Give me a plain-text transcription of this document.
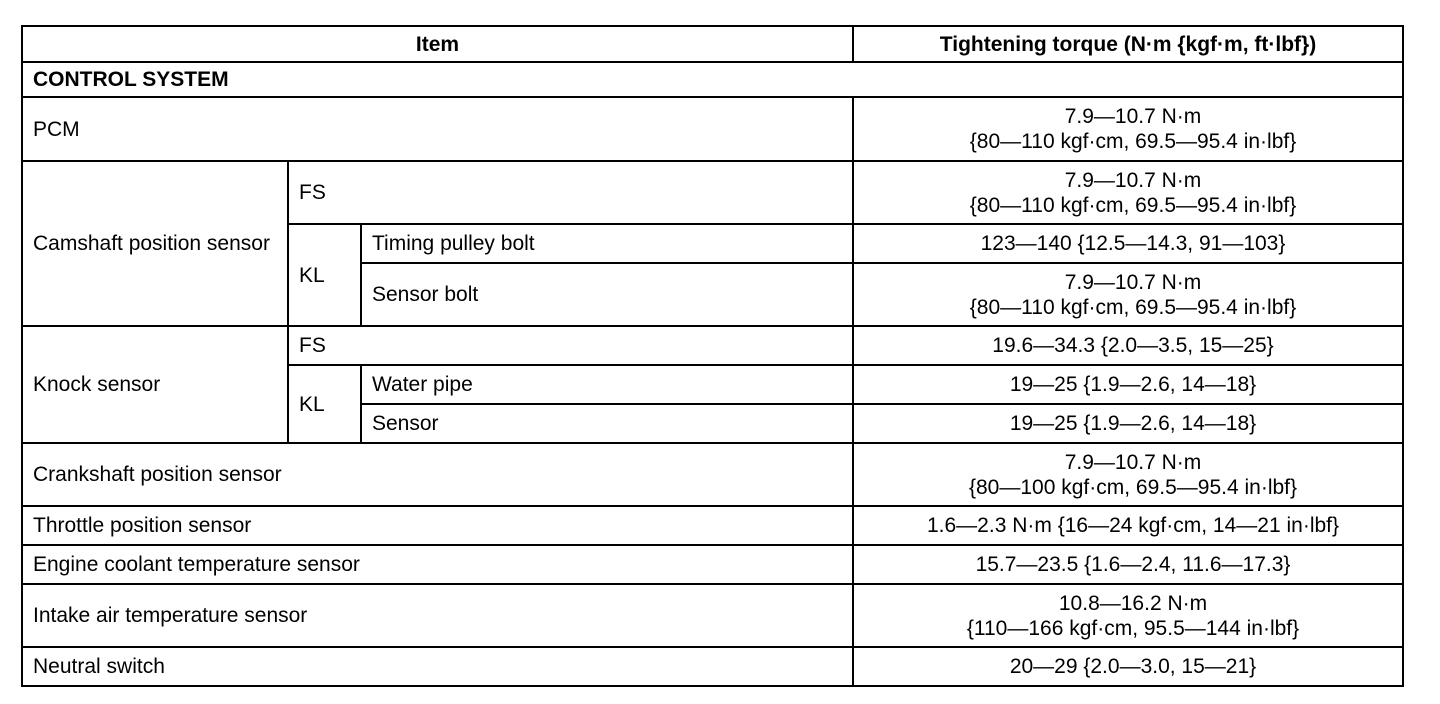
Item			Tightening torque (N·m {kgf·m, ft·lbf})
CONTROL SYSTEM			
PCM			7.9—10.7 N·m
{80—110 kgf·cm, 69.5—95.4 in·lbf}

Camshaft position sensor	FS		7.9—10.7 N·m
{80—110 kgf·cm, 69.5—95.4 in·lbf}

	KL	Timing pulley bolt	123—140 {12.5—14.3, 91—103}
		Sensor bolt	7.9—10.7 N·m
{80—110 kgf·cm, 69.5—95.4 in·lbf}

Knock sensor	FS		19.6—34.3 {2.0—3.5, 15—25}
	KL	Water pipe	19—25 {1.9—2.6, 14—18}
		Sensor	19—25 {1.9—2.6, 14—18}
Crankshaft position sensor			7.9—10.7 N·m
{80—100 kgf·cm, 69.5—95.4 in·lbf}

Throttle position sensor			1.6—2.3 N·m {16—24 kgf·cm, 14—21 in·lbf}
Engine coolant temperature sensor			15.7—23.5 {1.6—2.4, 11.6—17.3}
Intake air temperature sensor			10.8—16.2 N·m
{110—166 kgf·cm, 95.5—144 in·lbf}

Neutral switch			20—29 {2.0—3.0, 15—21}
